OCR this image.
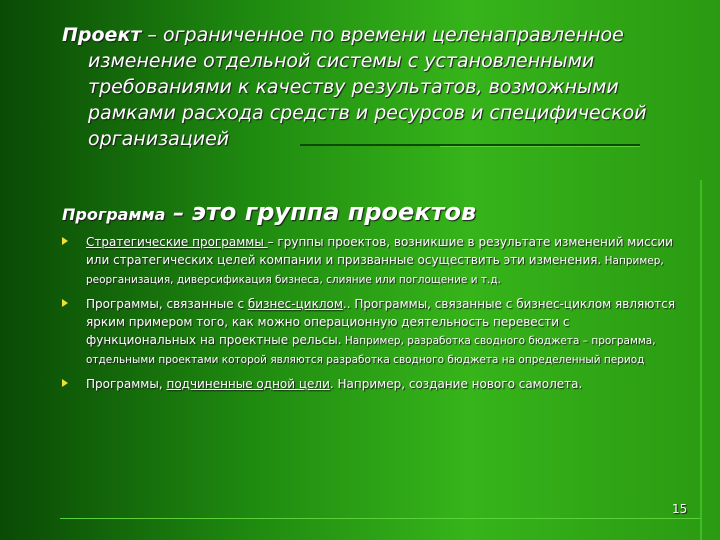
Проект – ограниченное по времени целенаправленное
изменение отдельной системы с установленными
требованиями к качеству результатов, возможными
рамками расхода средств и ресурсов и специфической
организацией
Программа – это группа проектов
Стратегические программы – группы проектов, возникшие в результате изменений миссии или стратегических целей компании и призванные осуществить эти изменения. Например, реорганизация, диверсификация бизнеса, слияние или поглощение и т.д.
Программы, связанные с бизнес-циклом.. Программы, связанные с бизнес-циклом являются ярким примером того, как можно операционную деятельность перевести с функциональных на проектные рельсы. Например, разработка сводного бюджета – программа, отдельными проектами которой являются разработка сводного бюджета на определенный период
Программы, подчиненные одной цели. Например, создание нового самолета.
15
